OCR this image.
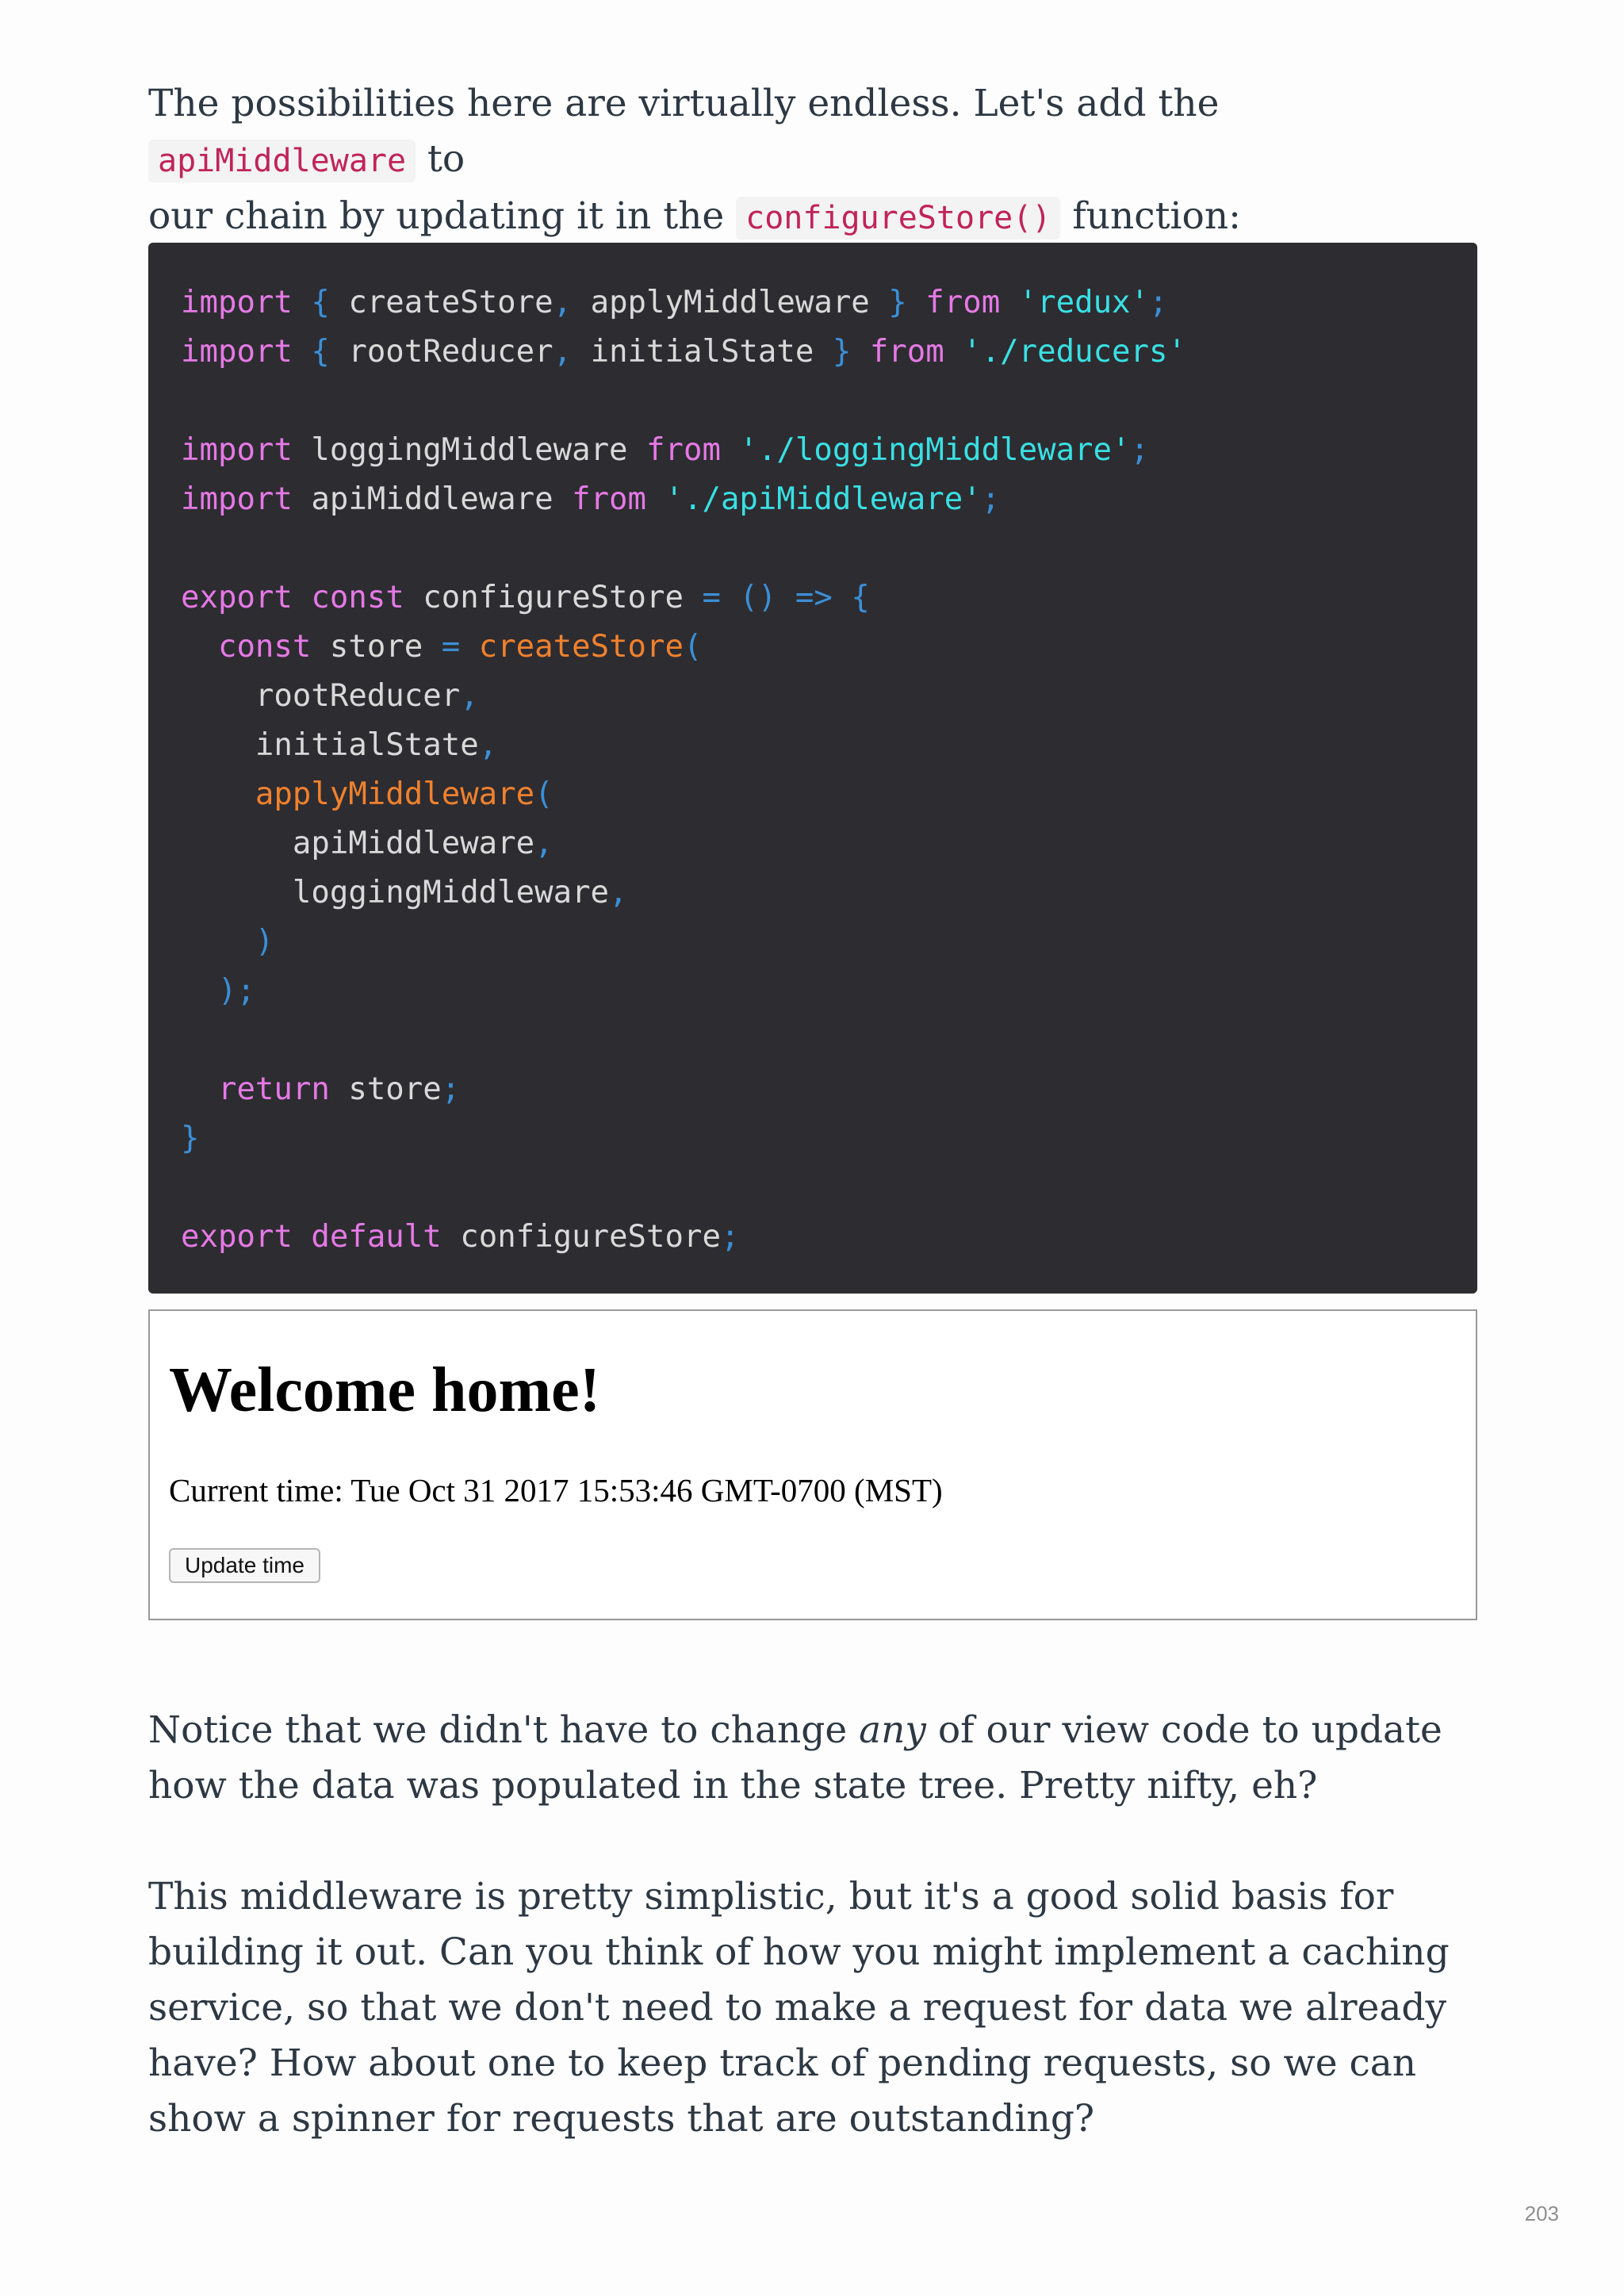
The possibilities here are virtually endless. Let's add the apiMiddleware to
our chain by updating it in the configureStore() function:

import { createStore, applyMiddleware } from 'redux';
import { rootReducer, initialState } from './reducers'

import loggingMiddleware from './loggingMiddleware';
import apiMiddleware from './apiMiddleware';

export const configureStore = () => {
const store = createStore(
rootReducer,
initialState,
applyMiddleware(
apiMiddleware,
loggingMiddleware,
)
);

return store;
}

export default configureStore;
Welcome home!
Current time: Tue Oct 31 2017 15:53:46 GMT-0700 (MST)
Update time

Notice that we didn't have to change any of our view code to update how the data was populated in the state tree. Pretty nifty, eh?

This middleware is pretty simplistic, but it's a good solid basis for building it out. Can you think of how you might implement a caching service, so that we don't need to make a request for data we already have? How about one to keep track of pending requests, so we can show a spinner for requests that are outstanding?

203
